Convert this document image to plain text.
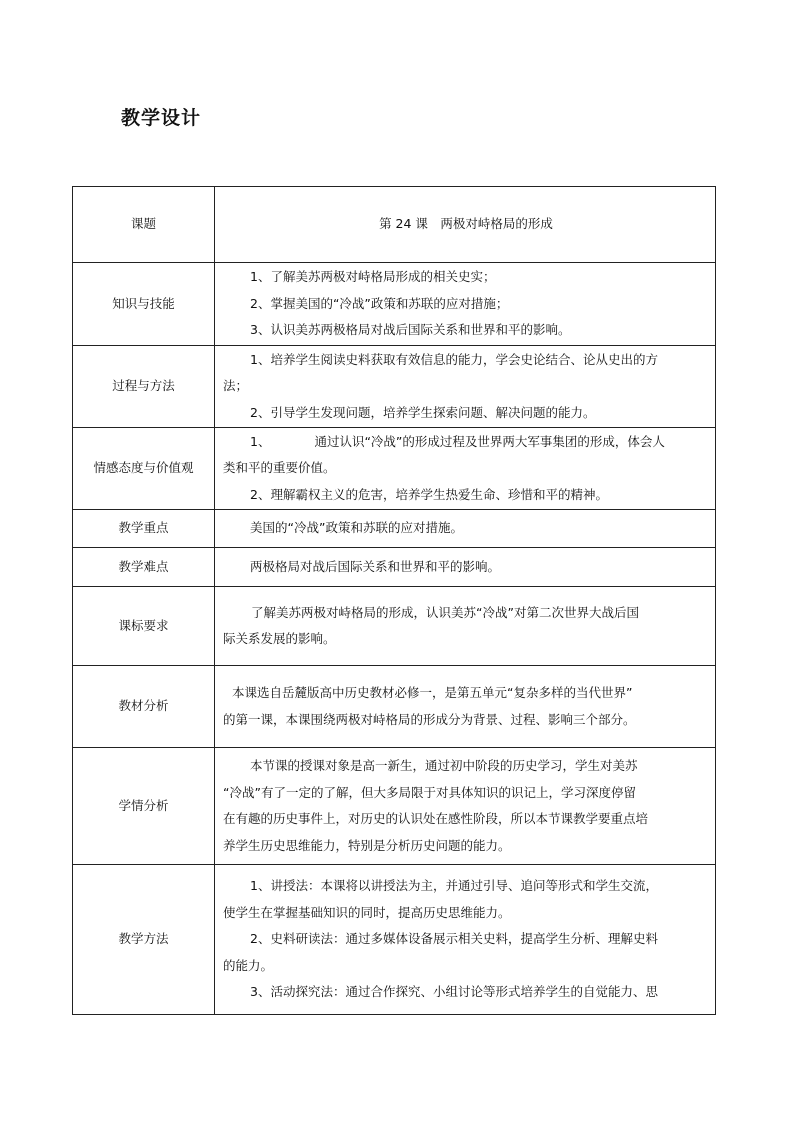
教学设计
课题	第 24 课　两极对峙格局的形成

知识与技能	1、了解美苏两极对峙格局形成的相关史实；
2、掌握美国的“冷战”政策和苏联的应对措施；
3、认识美苏两极格局对战后国际关系和世界和平的影响。

过程与方法	1、培养学生阅读史料获取有效信息的能力，学会史论结合、论从史出的方
法；
2、引导学生发现问题，培养学生探索问题、解决问题的能力。

情感态度与价值观	1、 通过认识“冷战”的形成过程及世界两大军事集团的形成，体会人
类和平的重要价值。
2、理解霸权主义的危害，培养学生热爱生命、珍惜和平的精神。

教学重点	美国的“冷战”政策和苏联的应对措施。

教学难点	两极格局对战后国际关系和世界和平的影响。

课标要求	了解美苏两极对峙格局的形成，认识美苏“冷战”对第二次世界大战后国
际关系发展的影响。

教材分析	本课选自岳麓版高中历史教材必修一，是第五单元“复杂多样的当代世界”
的第一课，本课围绕两极对峙格局的形成分为背景、过程、影响三个部分。

学情分析	本节课的授课对象是高一新生，通过初中阶段的历史学习，学生对美苏
“冷战”有了一定的了解，但大多局限于对具体知识的识记上，学习深度停留
在有趣的历史事件上，对历史的认识处在感性阶段，所以本节课教学要重点培
养学生历史思维能力，特别是分析历史问题的能力。

教学方法	1、讲授法：本课将以讲授法为主，并通过引导、追问等形式和学生交流，
使学生在掌握基础知识的同时，提高历史思维能力。
2、史料研读法：通过多媒体设备展示相关史料，提高学生分析、理解史料
的能力。
3、活动探究法：通过合作探究、小组讨论等形式培养学生的自觉能力、思
